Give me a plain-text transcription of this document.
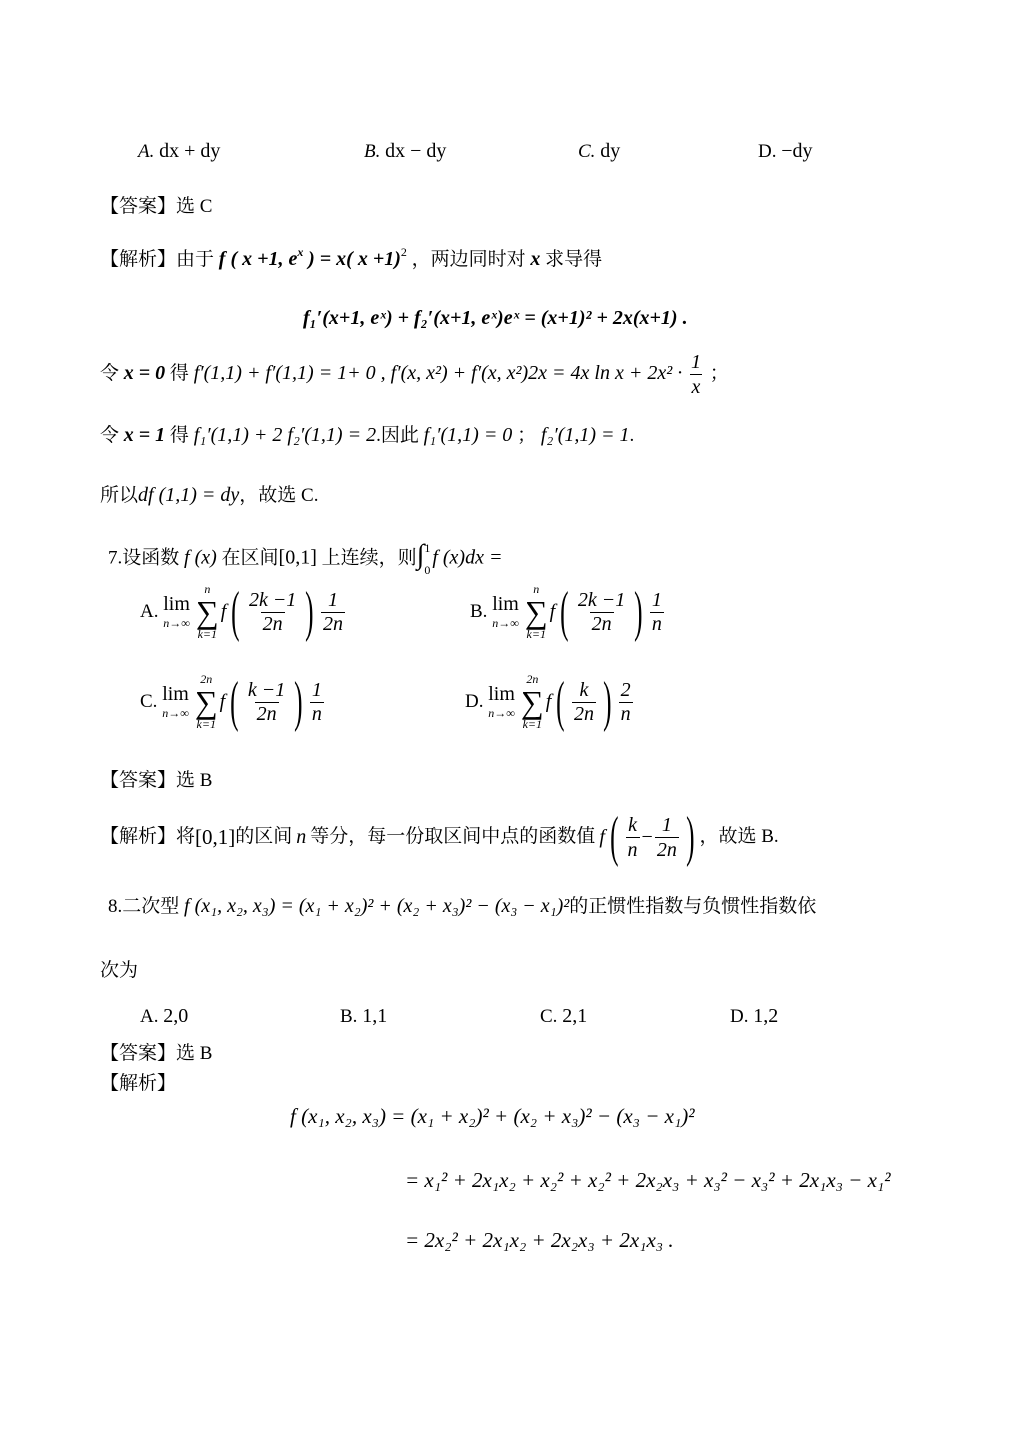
A. dx + dy	B. dx − dy	C. dy	D. −dy
【答案】选 C
【解析】由于 f ( x +1, $e^x$ ) = x( x +1)$^2$ ，两边同时对 x 求导得
f₁′(x+1, eˣ) + f₂′(x+1, eˣ)eˣ = (x+1)² + 2x(x+1) .
令 x = 0 得 f′(1,1) + f′(1,1) = 1+ 0 , f′(x, x²) + f′(x, x²)2x = 4x $\ln x + 2x^2 \cdot \frac{1}{x}$ ；
令 x = 1 得 f₁′(1,1) + 2 f₂′(1,1) = 2.因此 f₁′(1,1) = 0 ； f₂′(1,1) = 1.
所以df (1,1) = dy，故选 C.
7.设函数 f (x) 在区间[0,1] 上连续，则∫ 1
0
f (x)dx =
A. lim
n→∞
n
∑
k=1
$f( \frac{2k -1}{2n}$ ) $\frac{1}{2n}$	B. lim
n→∞
n
∑
k=1
$f( \frac{2k -1}{2n}$ ) $\frac{1}{n}$
C. lim
n→∞
2n
∑
k=1
$f( \frac{k -1}{2n}$ ) $\frac{1}{n}$	D. lim
n→∞
2n
∑
k=1
$f( \frac{k}{2n}$ ) $\frac{2}{n}$
【答案】选 B
【解析】 将 [0,1] 的区间 n 等分，每一份取区间中点的函数值 f ( $\frac{k}{n} - \frac{1}{2n}$ ) ，故选 B.
8.二次型 f (x₁, x₂, x₃) = (x₁ + x₂)² + (x₂ + x₃)² − (x₃ − x₁)²的正惯性指数与负惯性指数依
次为
A. 2,0	B. 1,1	C. 2,1	D. 1,2
【答案】选 B
【解析】
f (x₁, x₂, x₃) = (x₁ + x₂)² + (x₂ + x₃)² − (x₃ − x₁)²
= x₁² + 2x₁x₂ + x₂² + x₂² + 2x₂x₃ + x₃² − x₃² + 2x₁x₃ − x₁²
= 2x₂² + 2x₁x₂ + 2x₂x₃ + 2x₁x₃ .
